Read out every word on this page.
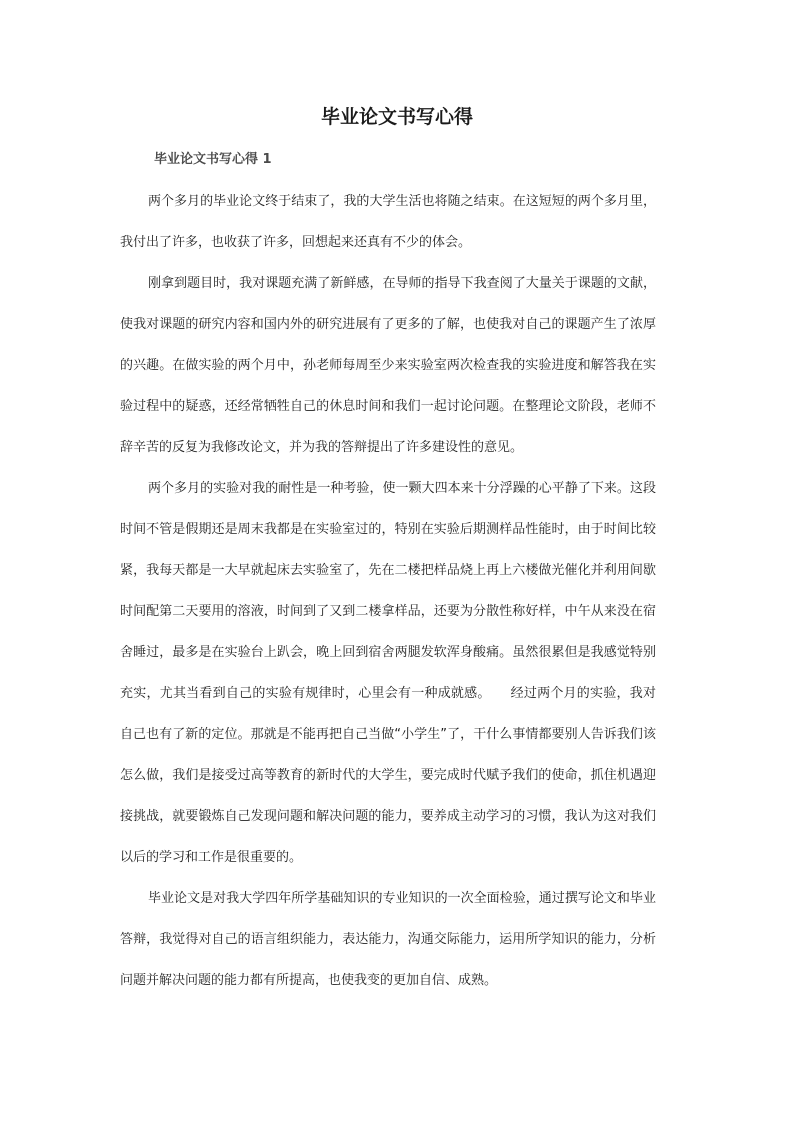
毕业论文书写心得
毕业论文书写心得 1

两个多月的毕业论文终于结束了，我的大学生活也将随之结束。在这短短的两个多月里，我付出了许多，也收获了许多，回想起来还真有不少的体会。

刚拿到题目时，我对课题充满了新鲜感，在导师的指导下我查阅了大量关于课题的文献，使我对课题的研究内容和国内外的研究进展有了更多的了解，也使我对自己的课题产生了浓厚的兴趣。在做实验的两个月中，孙老师每周至少来实验室两次检查我的实验进度和解答我在实验过程中的疑惑，还经常牺牲自己的休息时间和我们一起讨论问题。在整理论文阶段，老师不辞辛苦的反复为我修改论文，并为我的答辩提出了许多建设性的意见。

两个多月的实验对我的耐性是一种考验，使一颗大四本来十分浮躁的心平静了下来。这段时间不管是假期还是周末我都是在实验室过的，特别在实验后期测样品性能时，由于时间比较紧，我每天都是一大早就起床去实验室了，先在二楼把样品烧上再上六楼做光催化并利用间歇时间配第二天要用的溶液，时间到了又到二楼拿样品，还要为分散性称好样，中午从来没在宿舍睡过，最多是在实验台上趴会，晚上回到宿舍两腿发软浑身酸痛。虽然很累但是我感觉特别充实，尤其当看到自己的实验有规律时，心里会有一种成就感。　　经过两个月的实验，我对自己也有了新的定位。那就是不能再把自己当做“小学生”了，干什么事情都要别人告诉我们该怎么做，我们是接受过高等教育的新时代的大学生，要完成时代赋予我们的使命，抓住机遇迎接挑战，就要锻炼自己发现问题和解决问题的能力，要养成主动学习的习惯，我认为这对我们以后的学习和工作是很重要的。

毕业论文是对我大学四年所学基础知识的专业知识的一次全面检验，通过撰写论文和毕业答辩，我觉得对自己的语言组织能力，表达能力，沟通交际能力，运用所学知识的能力，分析问题并解决问题的能力都有所提高，也使我变的更加自信、成熟。
